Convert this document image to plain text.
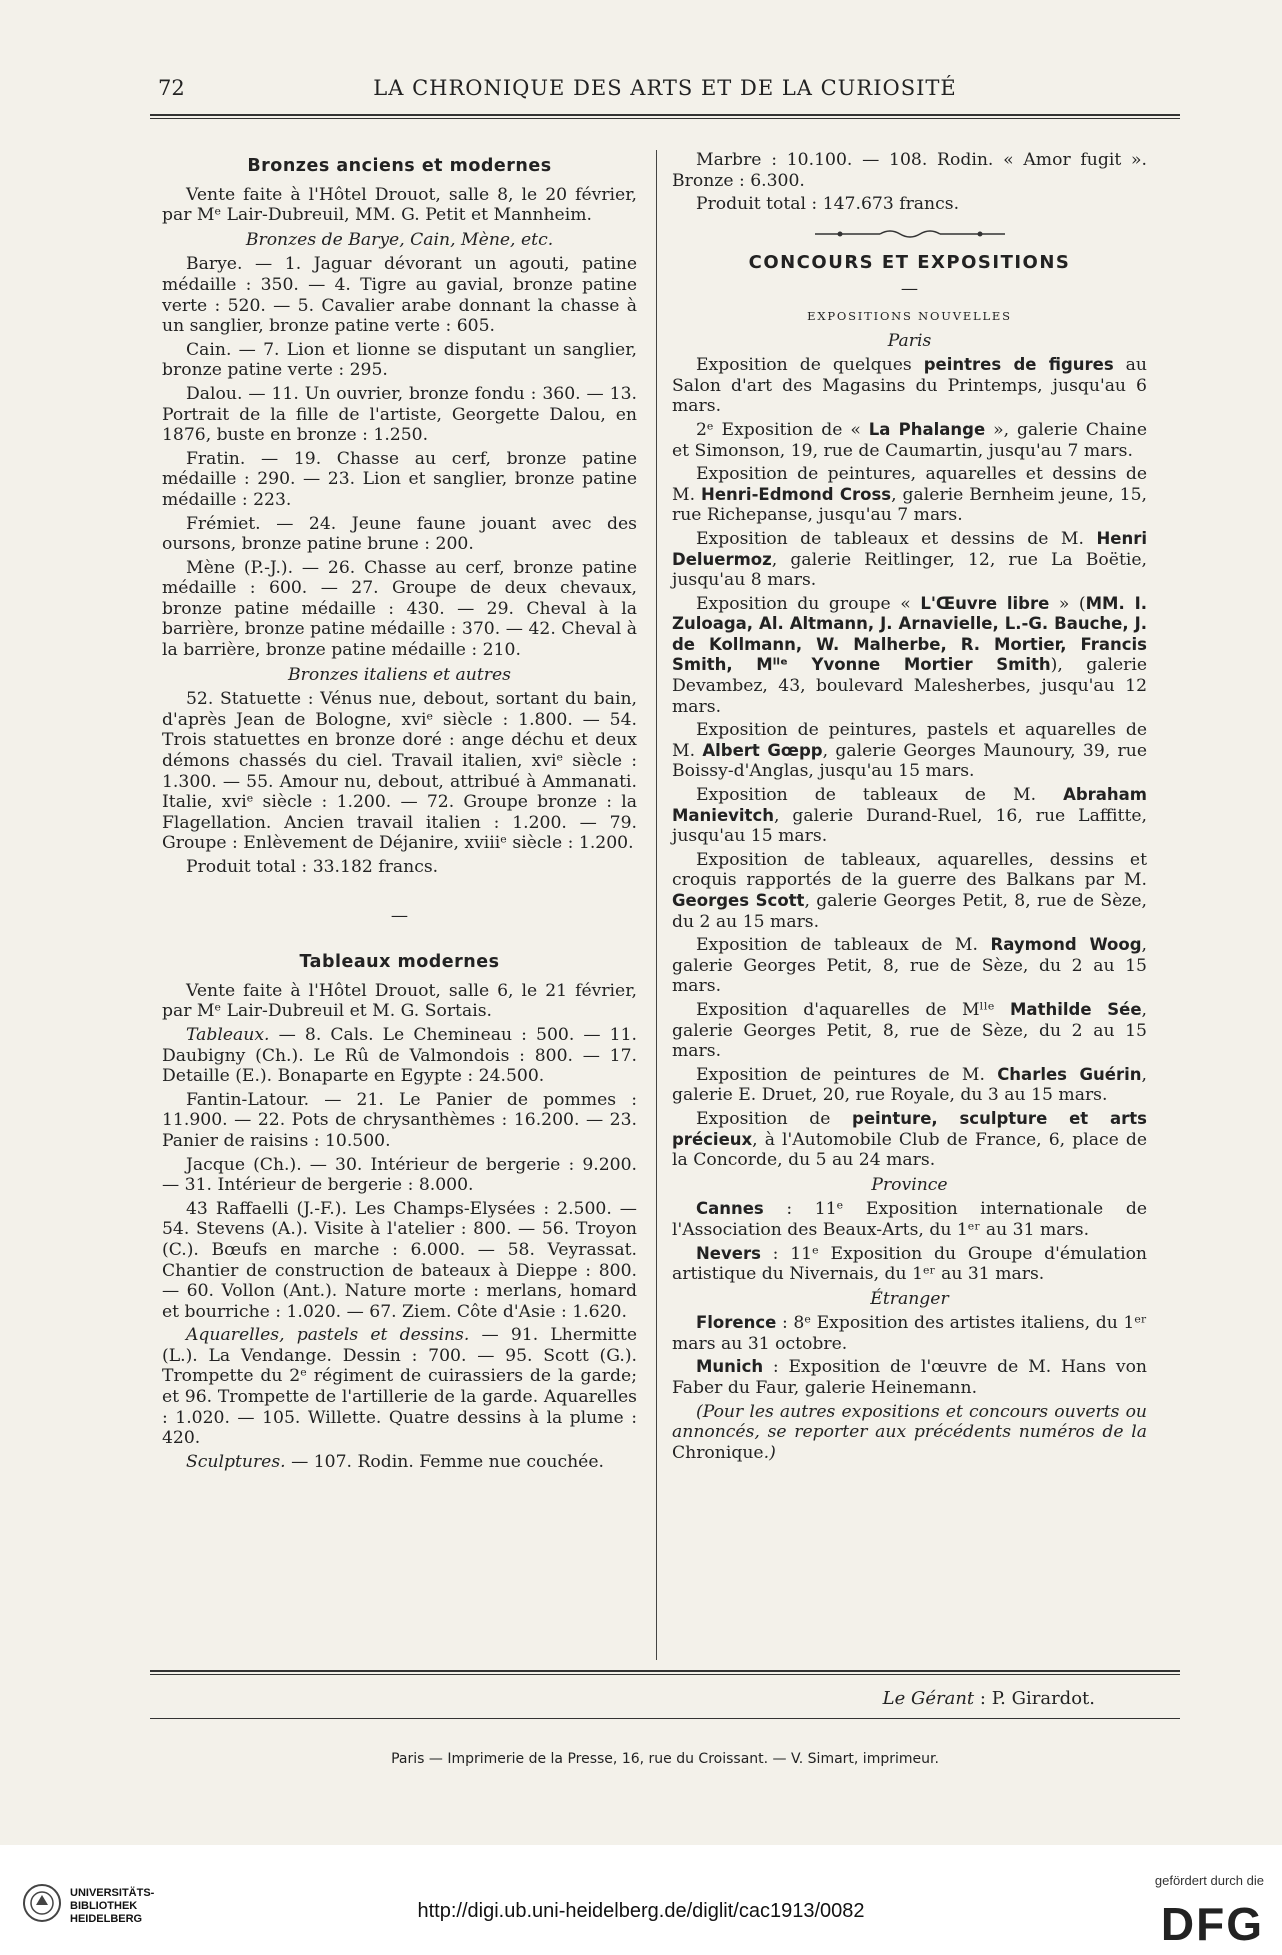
72	LA CHRONIQUE DES ARTS ET DE LA CURIOSITÉ

Bronzes anciens et modernes

Vente faite à l'Hôtel Drouot, salle 8, le 20 février, par Mᵉ Lair-Dubreuil, MM. G. Petit et Mannheim.

Bronzes de Barye, Cain, Mène, etc.

Barye. — 1. Jaguar dévorant un agouti, patine médaille : 350. — 4. Tigre au gavial, bronze patine verte : 520. — 5. Cavalier arabe donnant la chasse à un sanglier, bronze patine verte : 605.

Cain. — 7. Lion et lionne se disputant un sanglier, bronze patine verte : 295.

Dalou. — 11. Un ouvrier, bronze fondu : 360. — 13. Portrait de la fille de l'artiste, Georgette Dalou, en 1876, buste en bronze : 1.250.

Fratin. — 19. Chasse au cerf, bronze patine médaille : 290. — 23. Lion et sanglier, bronze patine médaille : 223.

Frémiet. — 24. Jeune faune jouant avec des oursons, bronze patine brune : 200.

Mène (P.-J.). — 26. Chasse au cerf, bronze patine médaille : 600. — 27. Groupe de deux chevaux, bronze patine médaille : 430. — 29. Cheval à la barrière, bronze patine médaille : 370. — 42. Cheval à la barrière, bronze patine médaille : 210.

Bronzes italiens et autres

52. Statuette : Vénus nue, debout, sortant du bain, d'après Jean de Bologne, xviᵉ siècle : 1.800. — 54. Trois statuettes en bronze doré : ange déchu et deux démons chassés du ciel. Travail italien, xviᵉ siècle : 1.300. — 55. Amour nu, debout, attribué à Ammanati. Italie, xviᵉ siècle : 1.200. — 72. Groupe bronze : la Flagellation. Ancien travail italien : 1.200. — 79. Groupe : Enlèvement de Déjanire, xviiiᵉ siècle : 1.200.

Produit total : 33.182 francs.

—

Tableaux modernes

Vente faite à l'Hôtel Drouot, salle 6, le 21 février, par Mᵉ Lair-Dubreuil et M. G. Sortais.

Tableaux. — 8. Cals. Le Chemineau : 500. — 11. Daubigny (Ch.). Le Rû de Valmondois : 800. — 17. Detaille (E.). Bonaparte en Egypte : 24.500.

Fantin-Latour. — 21. Le Panier de pommes : 11.900. — 22. Pots de chrysanthèmes : 16.200. — 23. Panier de raisins : 10.500.

Jacque (Ch.). — 30. Intérieur de bergerie : 9.200. — 31. Intérieur de bergerie : 8.000.

43 Raffaelli (J.-F.). Les Champs-Elysées : 2.500. — 54. Stevens (A.). Visite à l'atelier : 800. — 56. Troyon (C.). Bœufs en marche : 6.000. — 58. Veyrassat. Chantier de construction de bateaux à Dieppe : 800. — 60. Vollon (Ant.). Nature morte : merlans, homard et bourriche : 1.020. — 67. Ziem. Côte d'Asie : 1.620.

Aquarelles, pastels et dessins. — 91. Lhermitte (L.). La Vendange. Dessin : 700. — 95. Scott (G.). Trompette du 2ᵉ régiment de cuirassiers de la garde; et 96. Trompette de l'artillerie de la garde. Aquarelles : 1.020. — 105. Willette. Quatre dessins à la plume : 420.

Sculptures. — 107. Rodin. Femme nue couchée.

Marbre : 10.100. — 108. Rodin. « Amor fugit ». Bronze : 6.300.

Produit total : 147.673 francs.

CONCOURS ET EXPOSITIONS

—

EXPOSITIONS NOUVELLES

Paris

Exposition de quelques peintres de figures au Salon d'art des Magasins du Printemps, jusqu'au 6 mars.

2ᵉ Exposition de « La Phalange », galerie Chaine et Simonson, 19, rue de Caumartin, jusqu'au 7 mars.

Exposition de peintures, aquarelles et dessins de M. Henri-Edmond Cross, galerie Bernheim jeune, 15, rue Richepanse, jusqu'au 7 mars.

Exposition de tableaux et dessins de M. Henri Deluermoz, galerie Reitlinger, 12, rue La Boëtie, jusqu'au 8 mars.

Exposition du groupe « L'Œuvre libre » (MM. I. Zuloaga, Al. Altmann, J. Arnavielle, L.-G. Bauche, J. de Kollmann, W. Malherbe, R. Mortier, Francis Smith, Mˡˡᵉ Yvonne Mortier Smith), galerie Devambez, 43, boulevard Malesherbes, jusqu'au 12 mars.

Exposition de peintures, pastels et aquarelles de M. Albert Gœpp, galerie Georges Maunoury, 39, rue Boissy-d'Anglas, jusqu'au 15 mars.

Exposition de tableaux de M. Abraham Manievitch, galerie Durand-Ruel, 16, rue Laffitte, jusqu'au 15 mars.

Exposition de tableaux, aquarelles, dessins et croquis rapportés de la guerre des Balkans par M. Georges Scott, galerie Georges Petit, 8, rue de Sèze, du 2 au 15 mars.

Exposition de tableaux de M. Raymond Woog, galerie Georges Petit, 8, rue de Sèze, du 2 au 15 mars.

Exposition d'aquarelles de Mˡˡᵉ Mathilde Sée, galerie Georges Petit, 8, rue de Sèze, du 2 au 15 mars.

Exposition de peintures de M. Charles Guérin, galerie E. Druet, 20, rue Royale, du 3 au 15 mars.

Exposition de peinture, sculpture et arts précieux, à l'Automobile Club de France, 6, place de la Concorde, du 5 au 24 mars.

Province

Cannes : 11ᵉ Exposition internationale de l'Association des Beaux-Arts, du 1ᵉʳ au 31 mars.

Nevers : 11ᵉ Exposition du Groupe d'émulation artistique du Nivernais, du 1ᵉʳ au 31 mars.

Étranger

Florence : 8ᵉ Exposition des artistes italiens, du 1ᵉʳ mars au 31 octobre.

Munich : Exposition de l'œuvre de M. Hans von Faber du Faur, galerie Heinemann.

(Pour les autres expositions et concours ouverts ou annoncés, se reporter aux précédents numéros de la Chronique.)

Le Gérant : P. Girardot.
Paris — Imprimerie de la Presse, 16, rue du Croissant. — V. Simart, imprimeur.
UNIVERSITÄTS-
BIBLIOTHEK
HEIDELBERG	http://digi.ub.uni-heidelberg.de/diglit/cac1913/0082
gefördert durch die
DFG
